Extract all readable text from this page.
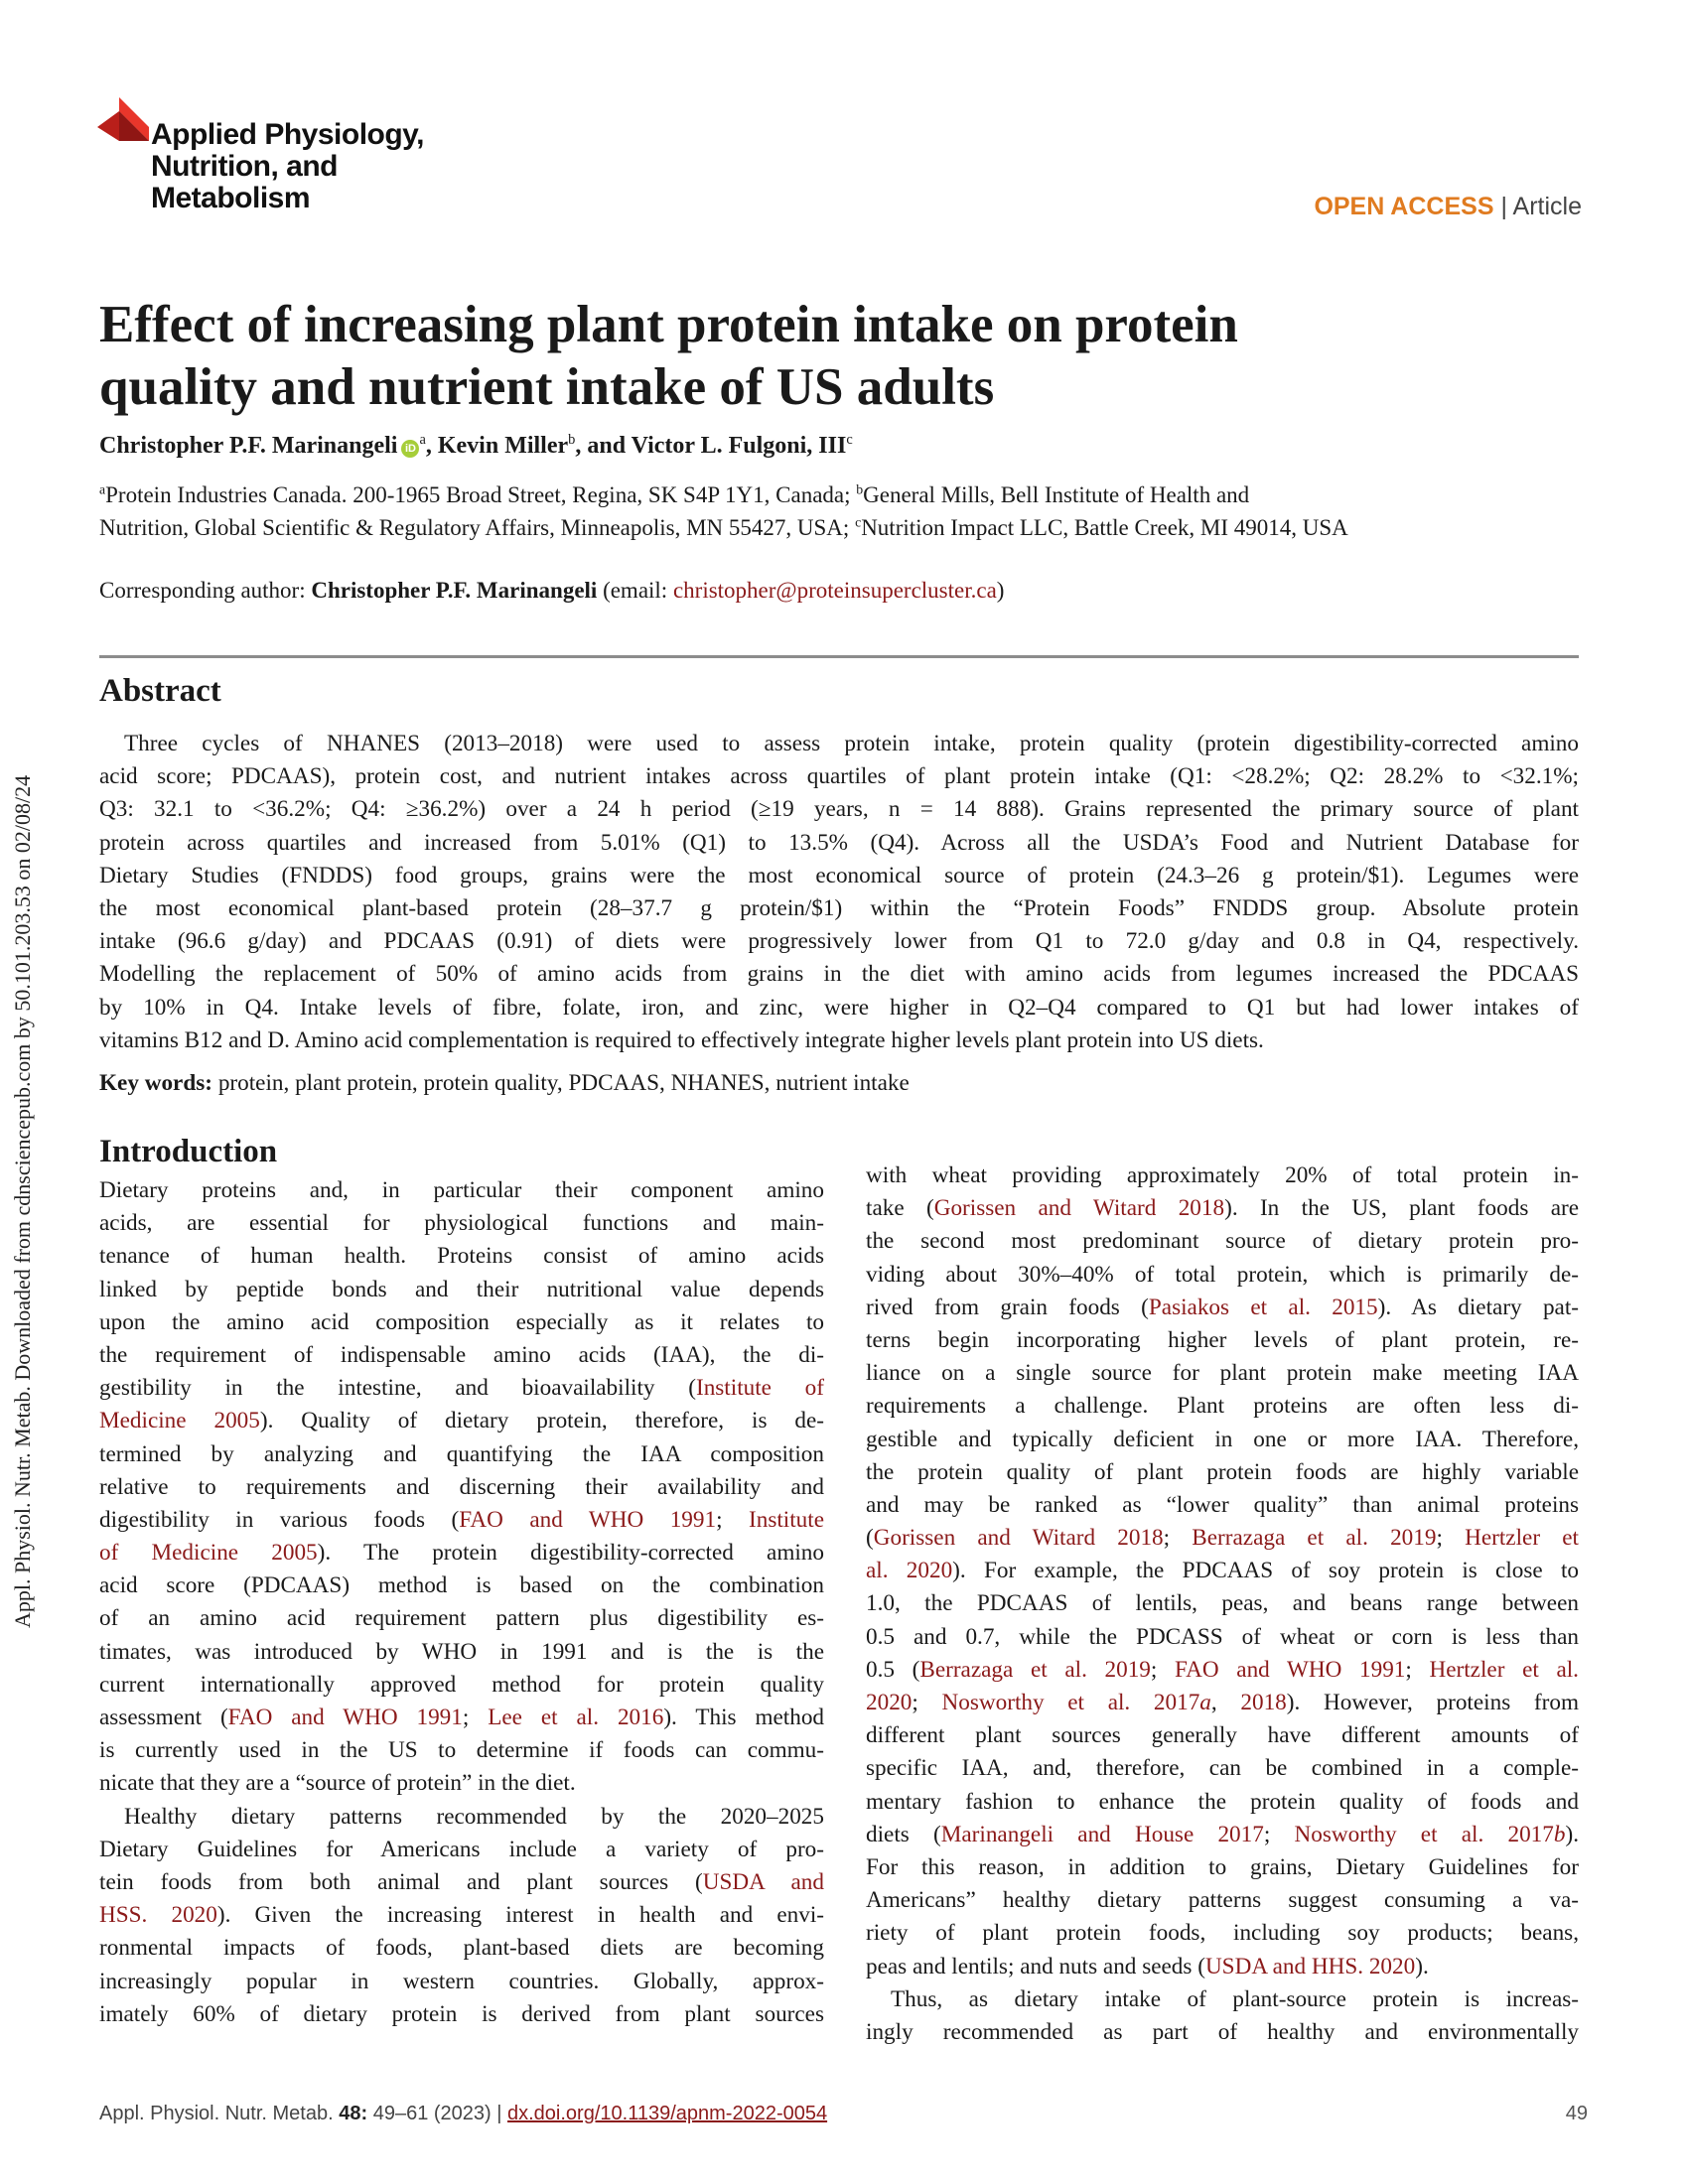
Applied Physiology,
Nutrition, and
Metabolism	OPEN ACCESS | Article
Appl. Physiol. Nutr. Metab. Downloaded from cdnsciencepub.com by 50.101.203.53 on 02/08/24
Effect of increasing plant protein intake on protein
quality and nutrient intake of US adults
Christopher P.F. Marinangeli $iD^a$, Kevin Miller$^b$, and Victor L. Fulgoni, III$^c$
$^a$Protein Industries Canada. 200-1965 Broad Street, Regina, SK S4P 1Y1, Canada; $^b$General Mills, Bell Institute of Health and
Nutrition, Global Scientific & Regulatory Affairs, Minneapolis, MN 55427, USA; $^c$Nutrition Impact LLC, Battle Creek, MI 49014, USA
Corresponding author: Christopher P.F. Marinangeli (email: christopher@proteinsupercluster.ca)
Abstract
Three cycles of NHANES (2013–2018) were used to assess protein intake, protein quality (protein digestibility-corrected amino
acid score; PDCAAS), protein cost, and nutrient intakes across quartiles of plant protein intake (Q1: <28.2%; Q2: 28.2% to <32.1%;
Q3: 32.1 to <36.2%; Q4: ≥36.2%) over a 24 h period (≥19 years, n = 14 888). Grains represented the primary source of plant
protein across quartiles and increased from 5.01% (Q1) to 13.5% (Q4). Across all the USDA’s Food and Nutrient Database for
Dietary Studies (FNDDS) food groups, grains were the most economical source of protein (24.3–26 g protein/$1). Legumes were
the most economical plant-based protein (28–37.7 g protein/$1) within the “Protein Foods” FNDDS group. Absolute protein
intake (96.6 g/day) and PDCAAS (0.91) of diets were progressively lower from Q1 to 72.0 g/day and 0.8 in Q4, respectively.
Modelling the replacement of 50% of amino acids from grains in the diet with amino acids from legumes increased the PDCAAS
by 10% in Q4. Intake levels of fibre, folate, iron, and zinc, were higher in Q2–Q4 compared to Q1 but had lower intakes of
vitamins B12 and D. Amino acid complementation is required to effectively integrate higher levels plant protein into US diets.
Key words: protein, plant protein, protein quality, PDCAAS, NHANES, nutrient intake
Introduction
Dietary proteins and, in particular their component amino
acids, are essential for physiological functions and main-
tenance of human health. Proteins consist of amino acids
linked by peptide bonds and their nutritional value depends
upon the amino acid composition especially as it relates to
the requirement of indispensable amino acids (IAA), the di-
gestibility in the intestine, and bioavailability (Institute of
Medicine 2005). Quality of dietary protein, therefore, is de-
termined by analyzing and quantifying the IAA composition
relative to requirements and discerning their availability and
digestibility in various foods (FAO and WHO 1991; Institute
of Medicine 2005). The protein digestibility-corrected amino
acid score (PDCAAS) method is based on the combination
of an amino acid requirement pattern plus digestibility es-
timates, was introduced by WHO in 1991 and is the is the
current internationally approved method for protein quality
assessment (FAO and WHO 1991; Lee et al. 2016). This method
is currently used in the US to determine if foods can commu-
nicate that they are a “source of protein” in the diet.
Healthy dietary patterns recommended by the 2020–2025
Dietary Guidelines for Americans include a variety of pro-
tein foods from both animal and plant sources (USDA and
HSS. 2020). Given the increasing interest in health and envi-
ronmental impacts of foods, plant-based diets are becoming
increasingly popular in western countries. Globally, approx-
imately 60% of dietary protein is derived from plant sources
with wheat providing approximately 20% of total protein in-
take (Gorissen and Witard 2018). In the US, plant foods are
the second most predominant source of dietary protein pro-
viding about 30%–40% of total protein, which is primarily de-
rived from grain foods (Pasiakos et al. 2015). As dietary pat-
terns begin incorporating higher levels of plant protein, re-
liance on a single source for plant protein make meeting IAA
requirements a challenge. Plant proteins are often less di-
gestible and typically deficient in one or more IAA. Therefore,
the protein quality of plant protein foods are highly variable
and may be ranked as “lower quality” than animal proteins
(Gorissen and Witard 2018; Berrazaga et al. 2019; Hertzler et
al. 2020). For example, the PDCAAS of soy protein is close to
1.0, the PDCAAS of lentils, peas, and beans range between
0.5 and 0.7, while the PDCASS of wheat or corn is less than
0.5 (Berrazaga et al. 2019; FAO and WHO 1991; Hertzler et al.
2020; Nosworthy et al. 2017a, 2018). However, proteins from
different plant sources generally have different amounts of
specific IAA, and, therefore, can be combined in a comple-
mentary fashion to enhance the protein quality of foods and
diets (Marinangeli and House 2017; Nosworthy et al. 2017b).
For this reason, in addition to grains, Dietary Guidelines for
Americans” healthy dietary patterns suggest consuming a va-
riety of plant protein foods, including soy products; beans,
peas and lentils; and nuts and seeds (USDA and HHS. 2020).
Thus, as dietary intake of plant-source protein is increas-
ingly recommended as part of healthy and environmentally
Appl. Physiol. Nutr. Metab. 48: 49–61 (2023) | dx.doi.org/10.1139/apnm-2022-0054	49
